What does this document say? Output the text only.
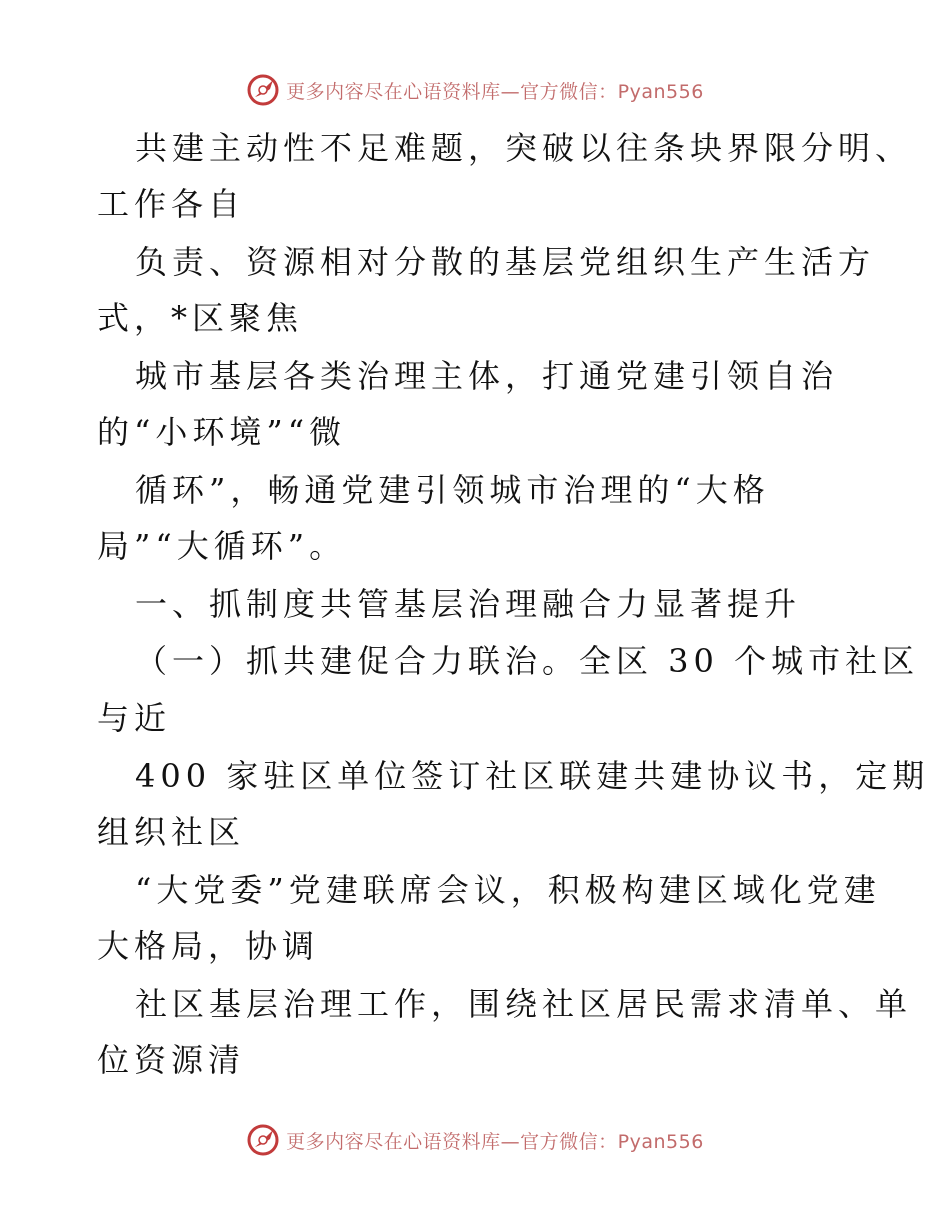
更多内容尽在心语资料库—官方微信：Pyan556
共建主动性不足难题，突破以往条块界限分明、
工作各自
负责、资源相对分散的基层党组织生产生活方
式，*区聚焦
城市基层各类治理主体，打通党建引领自治
的“小环境”“微
循环”，畅通党建引领城市治理的“大格
局”“大循环”。
一、抓制度共管基层治理融合力显著提升
（一）抓共建促合力联治。全区 30 个城市社区
与近
400 家驻区单位签订社区联建共建协议书，定期
组织社区
“大党委”党建联席会议，积极构建区域化党建
大格局，协调
社区基层治理工作，围绕社区居民需求清单、单
位资源清
更多内容尽在心语资料库—官方微信：Pyan556
